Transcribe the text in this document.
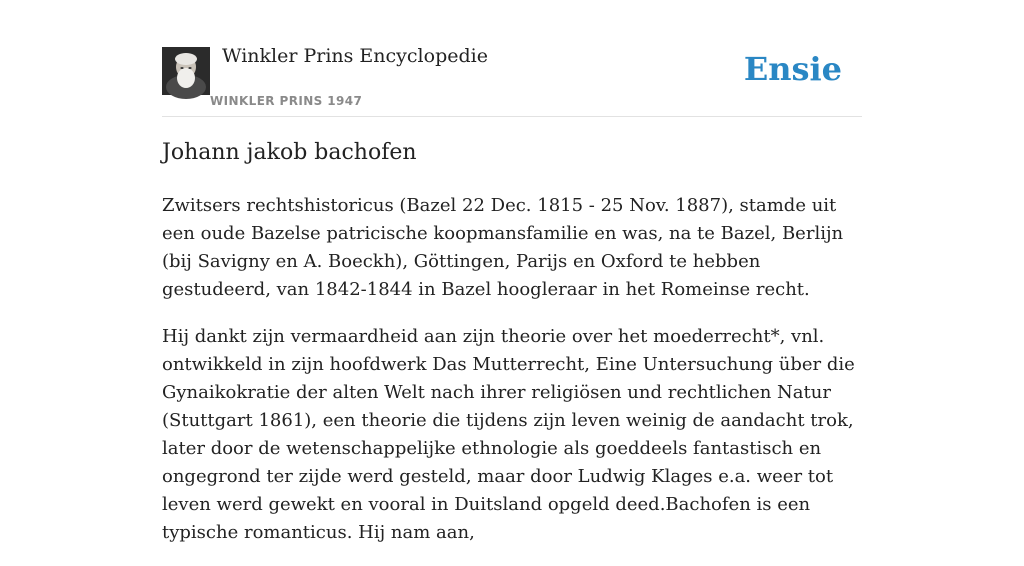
Winkler Prins Encyclopedie
WINKLER PRINS 1947
Ensie
Johann jakob bachofen

Zwitsers rechtshistoricus (Bazel 22 Dec. 1815 - 25 Nov. 1887), stamde uit een oude Bazelse patricische koopmansfamilie en was, na te Bazel, Berlijn (bij Savigny en A. Boeckh), Göttingen, Parijs en Oxford te hebben gestudeerd, van 1842-1844 in Bazel hoogleraar in het Romeinse recht.

Hij dankt zijn vermaardheid aan zijn theorie over het moederrecht*, vnl. ontwikkeld in zijn hoofdwerk Das Mutterrecht, Eine Untersuchung über die Gynaikokratie der alten Welt nach ihrer religiösen und rechtlichen Natur (Stuttgart 1861), een theorie die tijdens zijn leven weinig de aandacht trok, later door de wetenschappelijke ethnologie als goeddeels fantastisch en ongegrond ter zijde werd gesteld, maar door Ludwig Klages e.a. weer tot leven werd gewekt en vooral in Duitsland opgeld deed.Bachofen is een typische romanticus. Hij nam aan,
